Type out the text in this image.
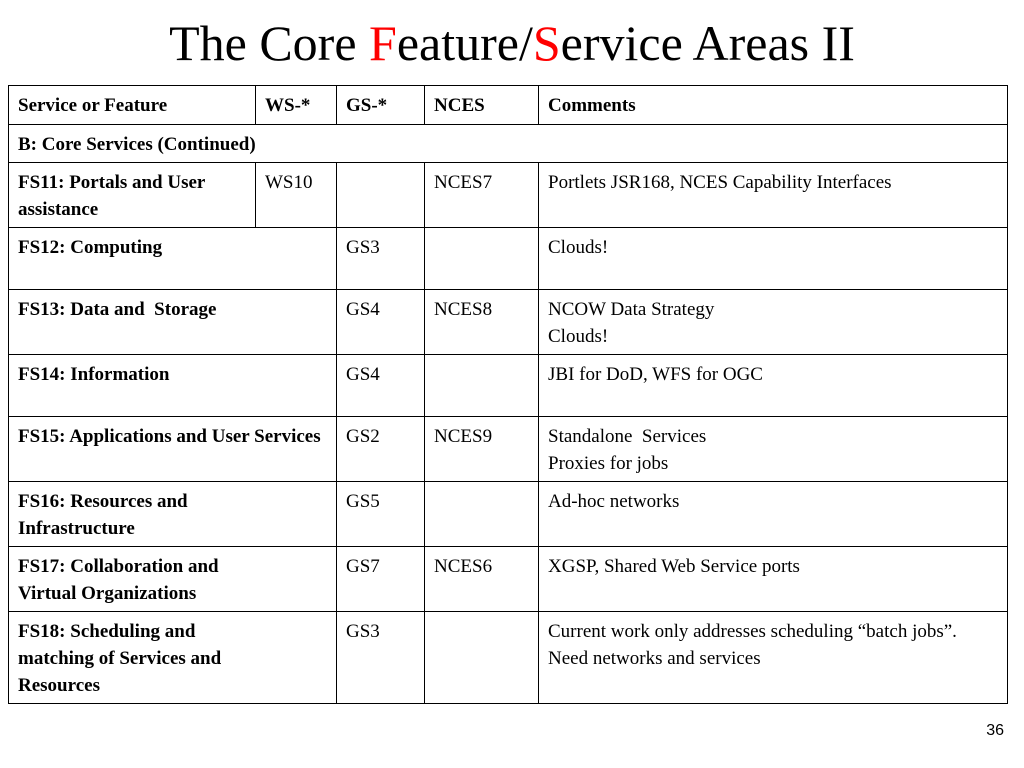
The Core Feature/Service Areas II
Service or Feature	WS-*	GS-*	NCES	Comments
B: Core Services (Continued)				
FS11: Portals and User assistance	WS10		NCES7	Portlets JSR168, NCES Capability Interfaces

FS12: Computing		GS3		Clouds!

FS13: Data and  Storage		GS4	NCES8	NCOW Data Strategy
Clouds!

FS14: Information		GS4		JBI for DoD, WFS for OGC

FS15: Applications and User Services		GS2	NCES9	Standalone  Services
Proxies for jobs

FS16: Resources and Infrastructure		GS5		Ad-hoc networks

FS17: Collaboration and Virtual Organizations		GS7	NCES6	XGSP, Shared Web Service ports

FS18: Scheduling and matching of Services and Resources		GS3		Current work only addresses scheduling “batch jobs”. Need networks and services
36
